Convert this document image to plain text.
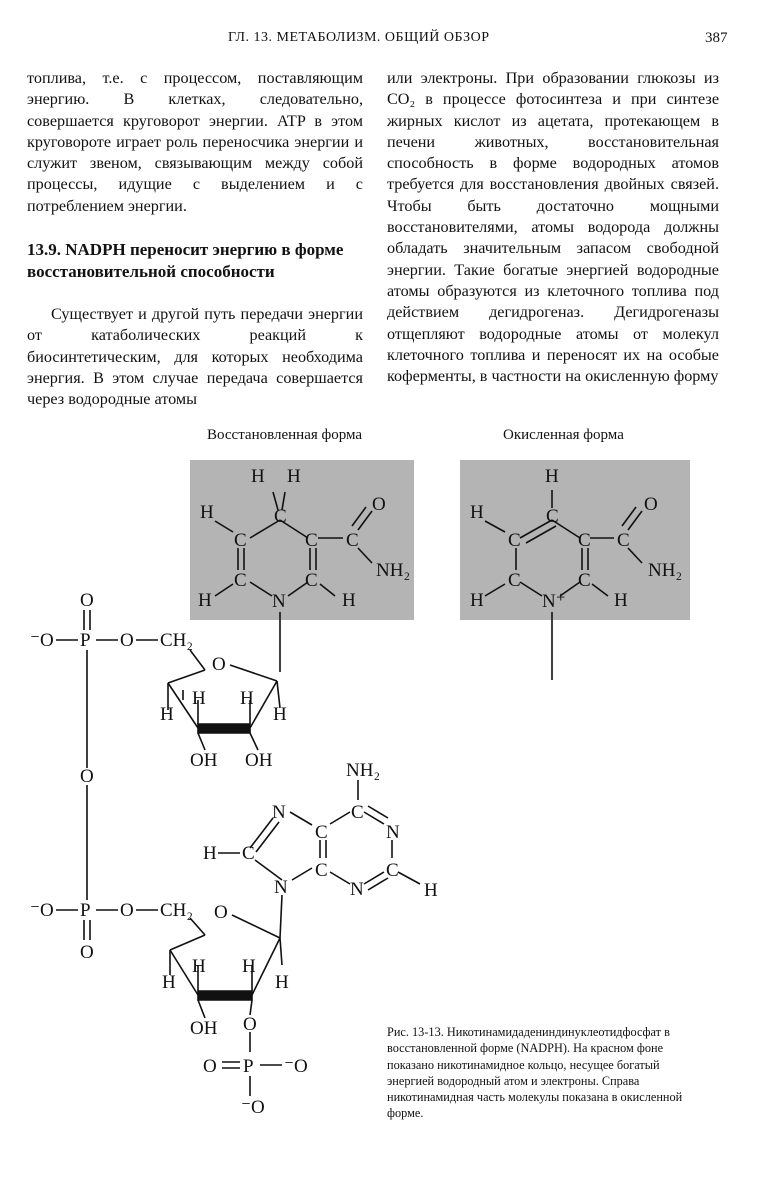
ГЛ. 13. МЕТАБОЛИЗМ. ОБЩИЙ ОБЗОР	387

топлива, т.е. с процессом, поставляющим энергию. В клетках, следовательно, совершается круговорот энергии. ATP в этом круговороте играет роль переносчика энергии и служит звеном, связывающим между собой процессы, идущие с выделением и с потреблением энергии.

13.9. NADPH переносит энергию в форме восстановительной способности

Существует и другой путь передачи энергии от катаболических реакций к биосинтетическим, для которых необходима энергия. В этом случае передача совершается через водородные атомы

или электроны. При образовании глюкозы из CO₂ в процессе фотосинтеза и при синтезе жирных кислот из ацетата, протекающем в печени животных, восстановительная способность в форме водородных атомов требуется для восстановления двойных связей. Чтобы быть достаточно мощными восстановителями, атомы водорода должны обладать значительным запасом свободной энергии. Такие богатые энергией водородные атомы образуются из клеточного топлива под действием дегидрогеназ. Дегидрогеназы отщепляют водородные атомы от молекул клеточного топлива и переносят их на особые коферменты, в частности на окисленную форму

Восстановленная форма	Окисленная форма
H H
C
H
C	C C
O
NH₂
C	C
H	N	H
H
C
H
C	C C
O
NH₂
C	C
H	N⁺	H
O
⁻O P O CH₂
O
O
H H
H	H
OH OH	NH₂
N
C
C
N
H C
C	C
N	N	H
⁻O P O CH₂
O
O
H H
H	H
OH O
O P ⁻O
⁻O
Рис. 13-13. Никотинамидадениндинуклеотидфосфат в восстановленной форме (NADPH). На красном фоне показано никотинамидное кольцо, несущее богатый энергией водородный атом и электроны. Справа никотинамидная часть молекулы показана в окисленной форме.
